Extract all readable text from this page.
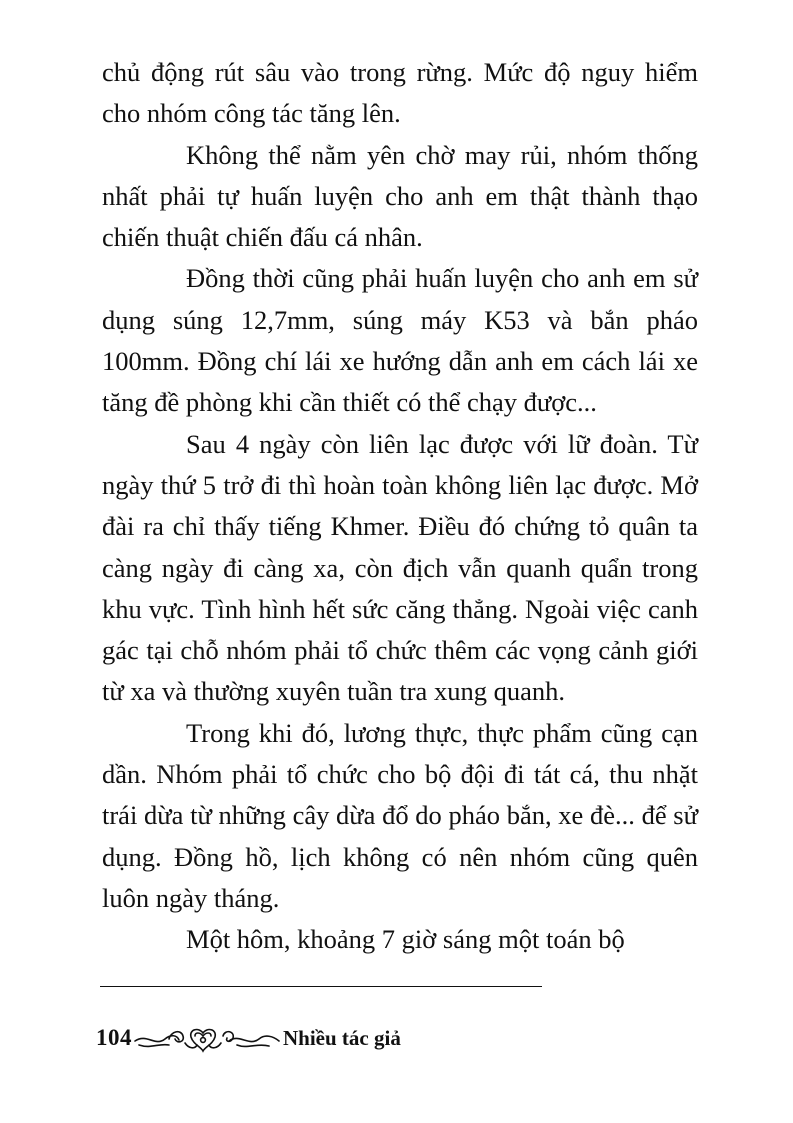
chủ động rút sâu vào trong rừng. Mức độ nguy hiểm cho nhóm công tác tăng lên.

Không thể nằm yên chờ may rủi, nhóm thống nhất phải tự huấn luyện cho anh em thật thành thạo chiến thuật chiến đấu cá nhân.

Đồng thời cũng phải huấn luyện cho anh em sử dụng súng 12,7mm, súng máy K53 và bắn pháo 100mm. Đồng chí lái xe hướng dẫn anh em cách lái xe tăng đề phòng khi cần thiết có thể chạy được...

Sau 4 ngày còn liên lạc được với lữ đoàn. Từ ngày thứ 5 trở đi thì hoàn toàn không liên lạc được. Mở đài ra chỉ thấy tiếng Khmer. Điều đó chứng tỏ quân ta càng ngày đi càng xa, còn địch vẫn quanh quẩn trong khu vực. Tình hình hết sức căng thẳng. Ngoài việc canh gác tại chỗ nhóm phải tổ chức thêm các vọng cảnh giới từ xa và thường xuyên tuần tra xung quanh.

Trong khi đó, lương thực, thực phẩm cũng cạn dần. Nhóm phải tổ chức cho bộ đội đi tát cá, thu nhặt trái dừa từ những cây dừa đổ do pháo bắn, xe đè... để sử dụng. Đồng hồ, lịch không có nên nhóm cũng quên luôn ngày tháng.

Một hôm, khoảng 7 giờ sáng một toán bộ

104	Nhiều tác giả
